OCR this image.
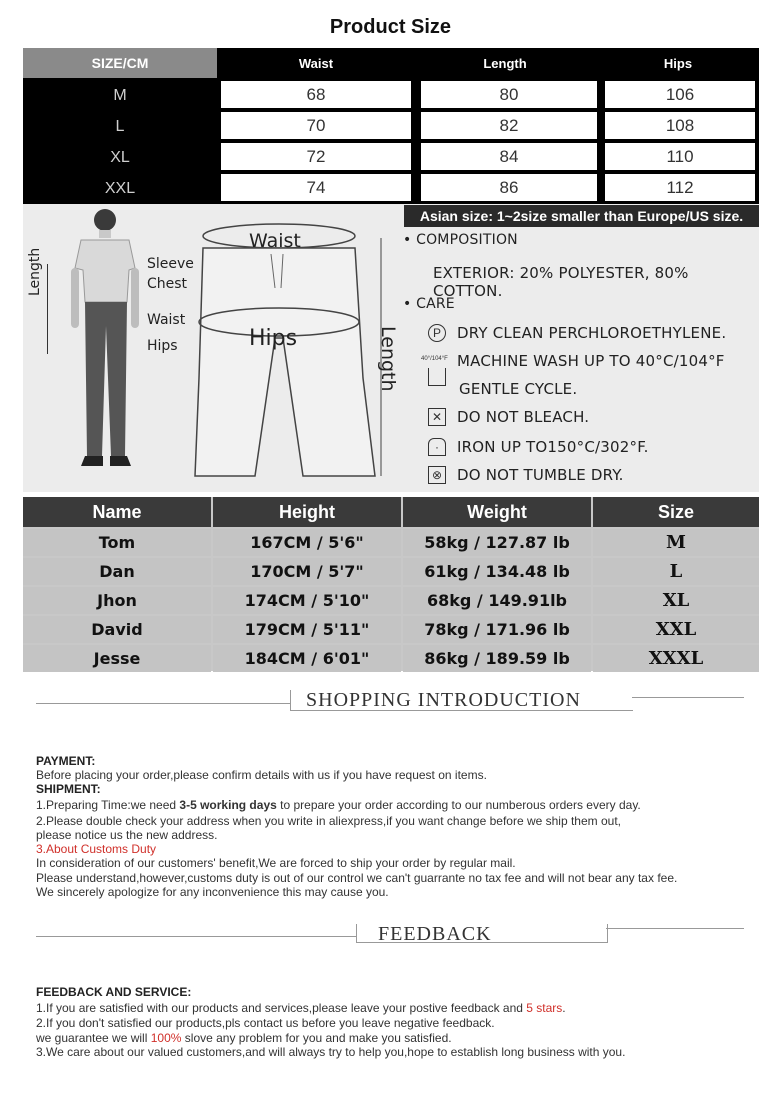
Product Size
SIZE/CM	Waist	Length	Hips
M	68	80	106
L	70	82	108
XL	72	84	110
XXL	74	86	112
Length	Sleeve
Chest
Waist
Hips
Waist
Hips	Length
• COMPOSITION
EXTERIOR: 20% POLYESTER, 80% COTTON.
• CARE
P	DRY CLEAN PERCHLOROETHYLENE.
40°/104°F MACHINE WASH UP TO 40°C/104°F
GENTLE CYCLE.
✕ DO NOT BLEACH.
·	IRON UP TO150°C/302°F.
⊗ DO NOT TUMBLE DRY.
Asian size: 1~2size smaller than Europe/US size.
Name	Height	Weight	Size
Tom	167CM / 5'6"	58kg / 127.87 lb	M
Dan	170CM / 5'7"	61kg / 134.48 lb	L
Jhon	174CM / 5'10"	68kg / 149.91lb	XL
David	179CM / 5'11"	78kg / 171.96 lb	XXL
Jesse	184CM / 6'01"	86kg / 189.59 lb	XXXL
SHOPPING INTRODUCTION
PAYMENT:
Before placing your order,please confirm details with us if you have request on items.
SHIPMENT:
1.Preparing Time:we need 3-5 working days to prepare your order according to our numberous orders every day.
2.Please double check your address when you write in aliexpress,if you want change before we ship them out,
please notice us the new address.
3.About Customs Duty
In consideration of our customers' benefit,We are forced to ship your order by regular mail.
Please understand,however,customs duty is out of our control we can't guarrante no tax fee and will not bear any tax fee.
We sincerely apologize for any inconvenience this may cause you.
FEEDBACK
FEEDBACK AND SERVICE:
1.If you are satisfied with our products and services,please leave your postive feedback and 5 stars.
2.If you don't satisfied our products,pls contact us before you leave negative feedback.
we guarantee we will 100% slove any problem for you and make you satisfied.
3.We care about our valued customers,and will always try to help you,hope to establish long business with you.
